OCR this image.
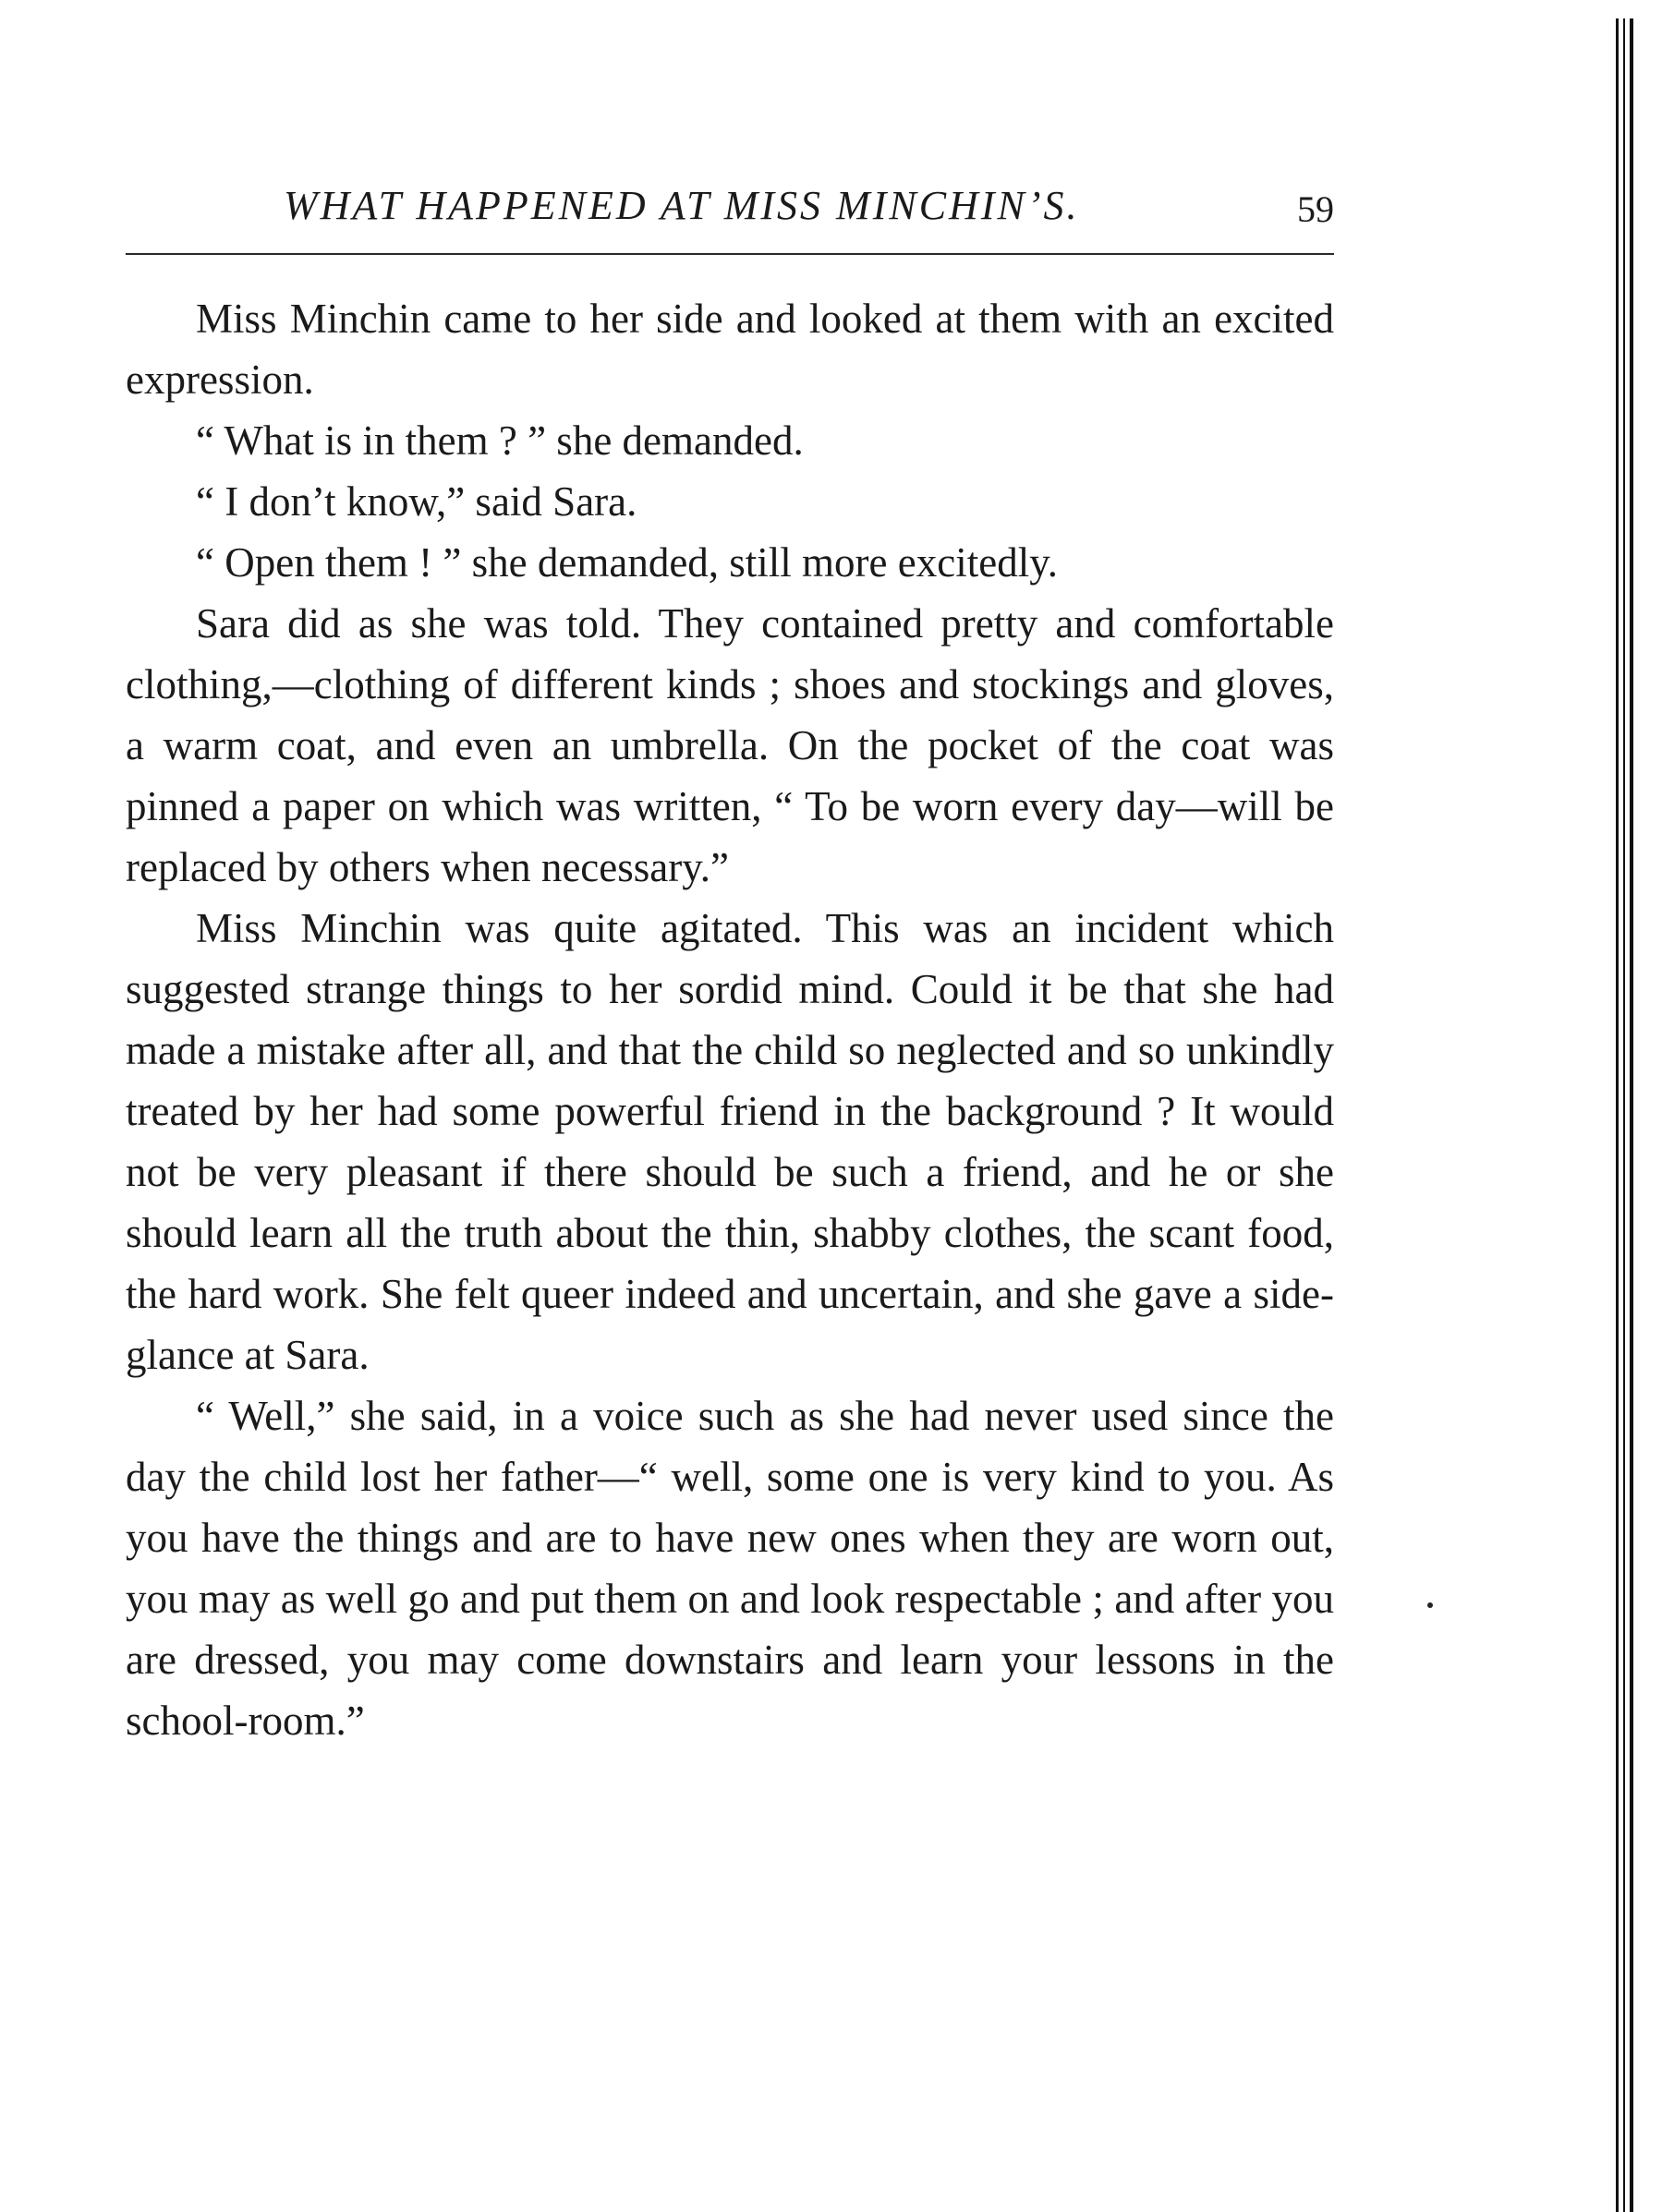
WHAT HAPPENED AT MISS MINCHIN’S.	59

Miss Minchin came to her side and looked at them with an excited expression.

“ What is in them ? ” she demanded.

“ I don’t know,” said Sara.

“ Open them ! ” she demanded, still more excitedly.

Sara did as she was told. They contained pretty and comfortable clothing,—clothing of different kinds ; shoes and stockings and gloves, a warm coat, and even an umbrella. On the pocket of the coat was pinned a paper on which was written, “ To be worn every day—will be replaced by others when necessary.”

Miss Minchin was quite agitated. This was an incident which suggested strange things to her sordid mind. Could it be that she had made a mistake after all, and that the child so neglected and so unkindly treated by her had some powerful friend in the background ? It would not be very pleasant if there should be such a friend, and he or she should learn all the truth about the thin, shabby clothes, the scant food, the hard work. She felt queer indeed and uncertain, and she gave a side-glance at Sara.

“ Well,” she said, in a voice such as she had never used since the day the child lost her father—“ well, some one is very kind to you. As you have the things and are to have new ones when they are worn out, you may as well go and put them on and look respectable ; and after you are dressed, you may come downstairs and learn your lessons in the school-room.”
